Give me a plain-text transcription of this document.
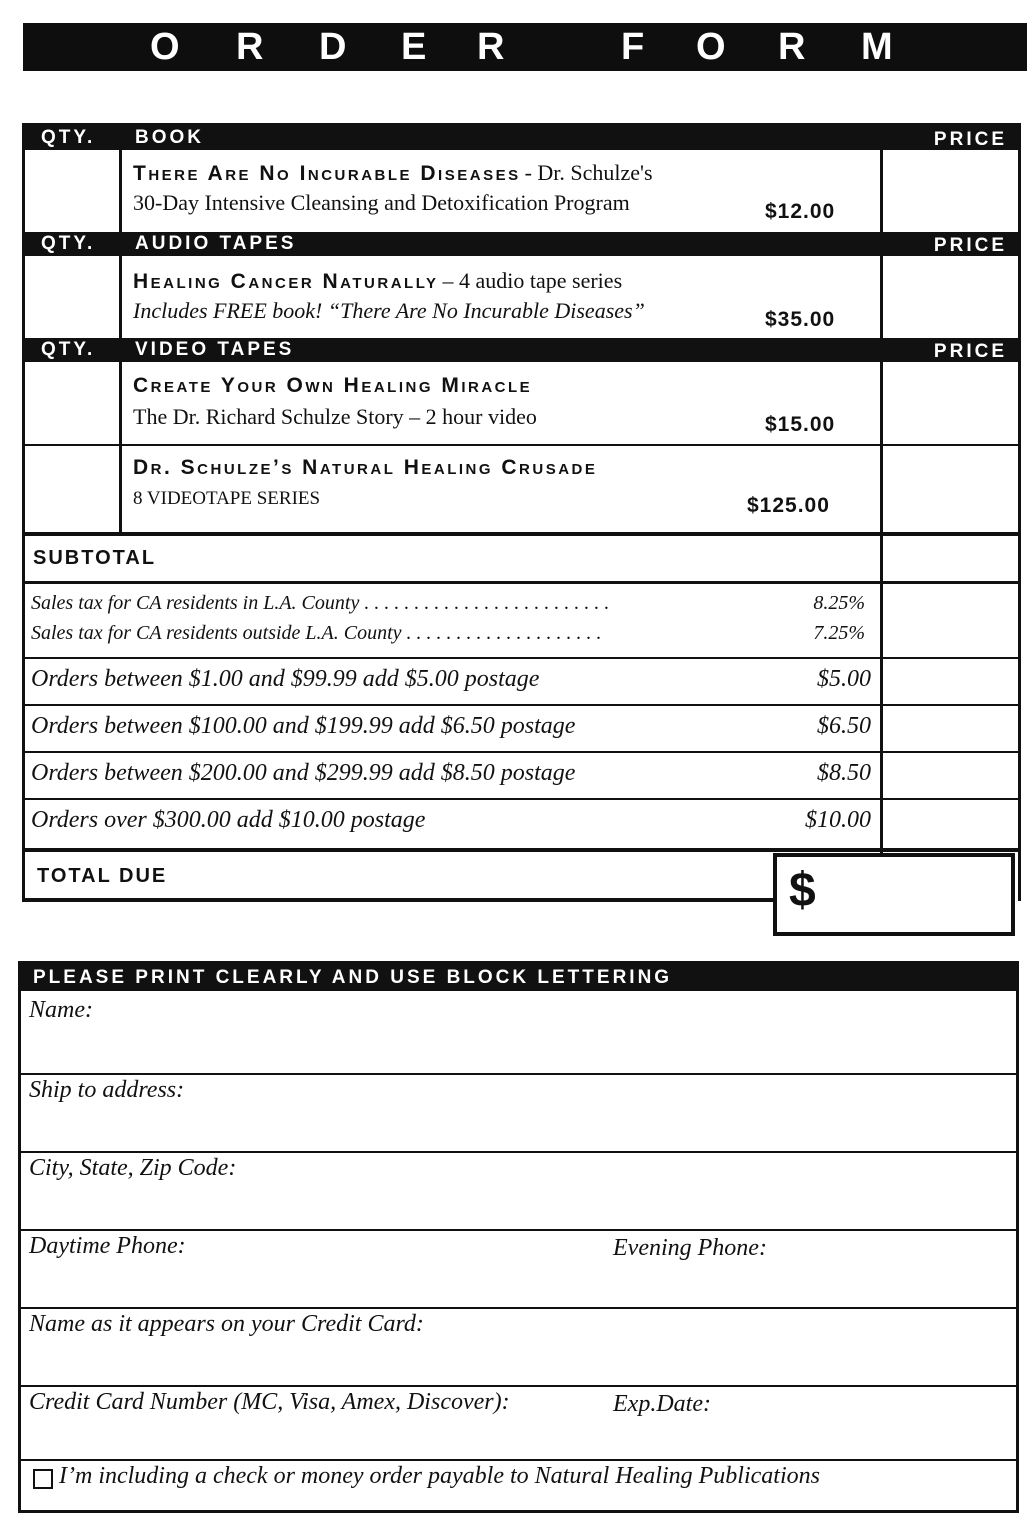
O R D E R	F O R M
QTY. BOOK	PRICE
There Are No Incurable Diseases - Dr. Schulze's
30-Day Intensive Cleansing and Detoxification Program	$12.00
QTY. AUDIO TAPES	PRICE
Healing Cancer Naturally – 4 audio tape series
Includes FREE book! “There Are No Incurable Diseases”	$35.00
QTY. VIDEO TAPES	PRICE
Create Your Own Healing Miracle
The Dr. Richard Schulze Story – 2 hour video	$15.00
Dr. Schulze’s Natural Healing Crusade
8 VIDEOTAPE SERIES	$125.00
SUBTOTAL
Sales tax for CA residents in L.A. County . . . . . . . . . . . . . . . . . . . . . . . . .	8.25%
Sales tax for CA residents outside L.A. County . . . . . . . . . . . . . . . . . . . .	7.25%
Orders between $1.00 and $99.99 add $5.00 postage	$5.00
Orders between $100.00 and $199.99 add $6.50 postage	$6.50
Orders between $200.00 and $299.99 add $8.50 postage	$8.50
Orders over $300.00 add $10.00 postage	$10.00
TOTAL DUE	$
PLEASE PRINT CLEARLY AND USE BLOCK LETTERING
Name:
Ship to address:
City, State, Zip Code:
Daytime Phone:	Evening Phone:
Name as it appears on your Credit Card:
Credit Card Number (MC, Visa, Amex, Discover):	Exp.Date:
I’m including a check or money order payable to Natural Healing Publications
